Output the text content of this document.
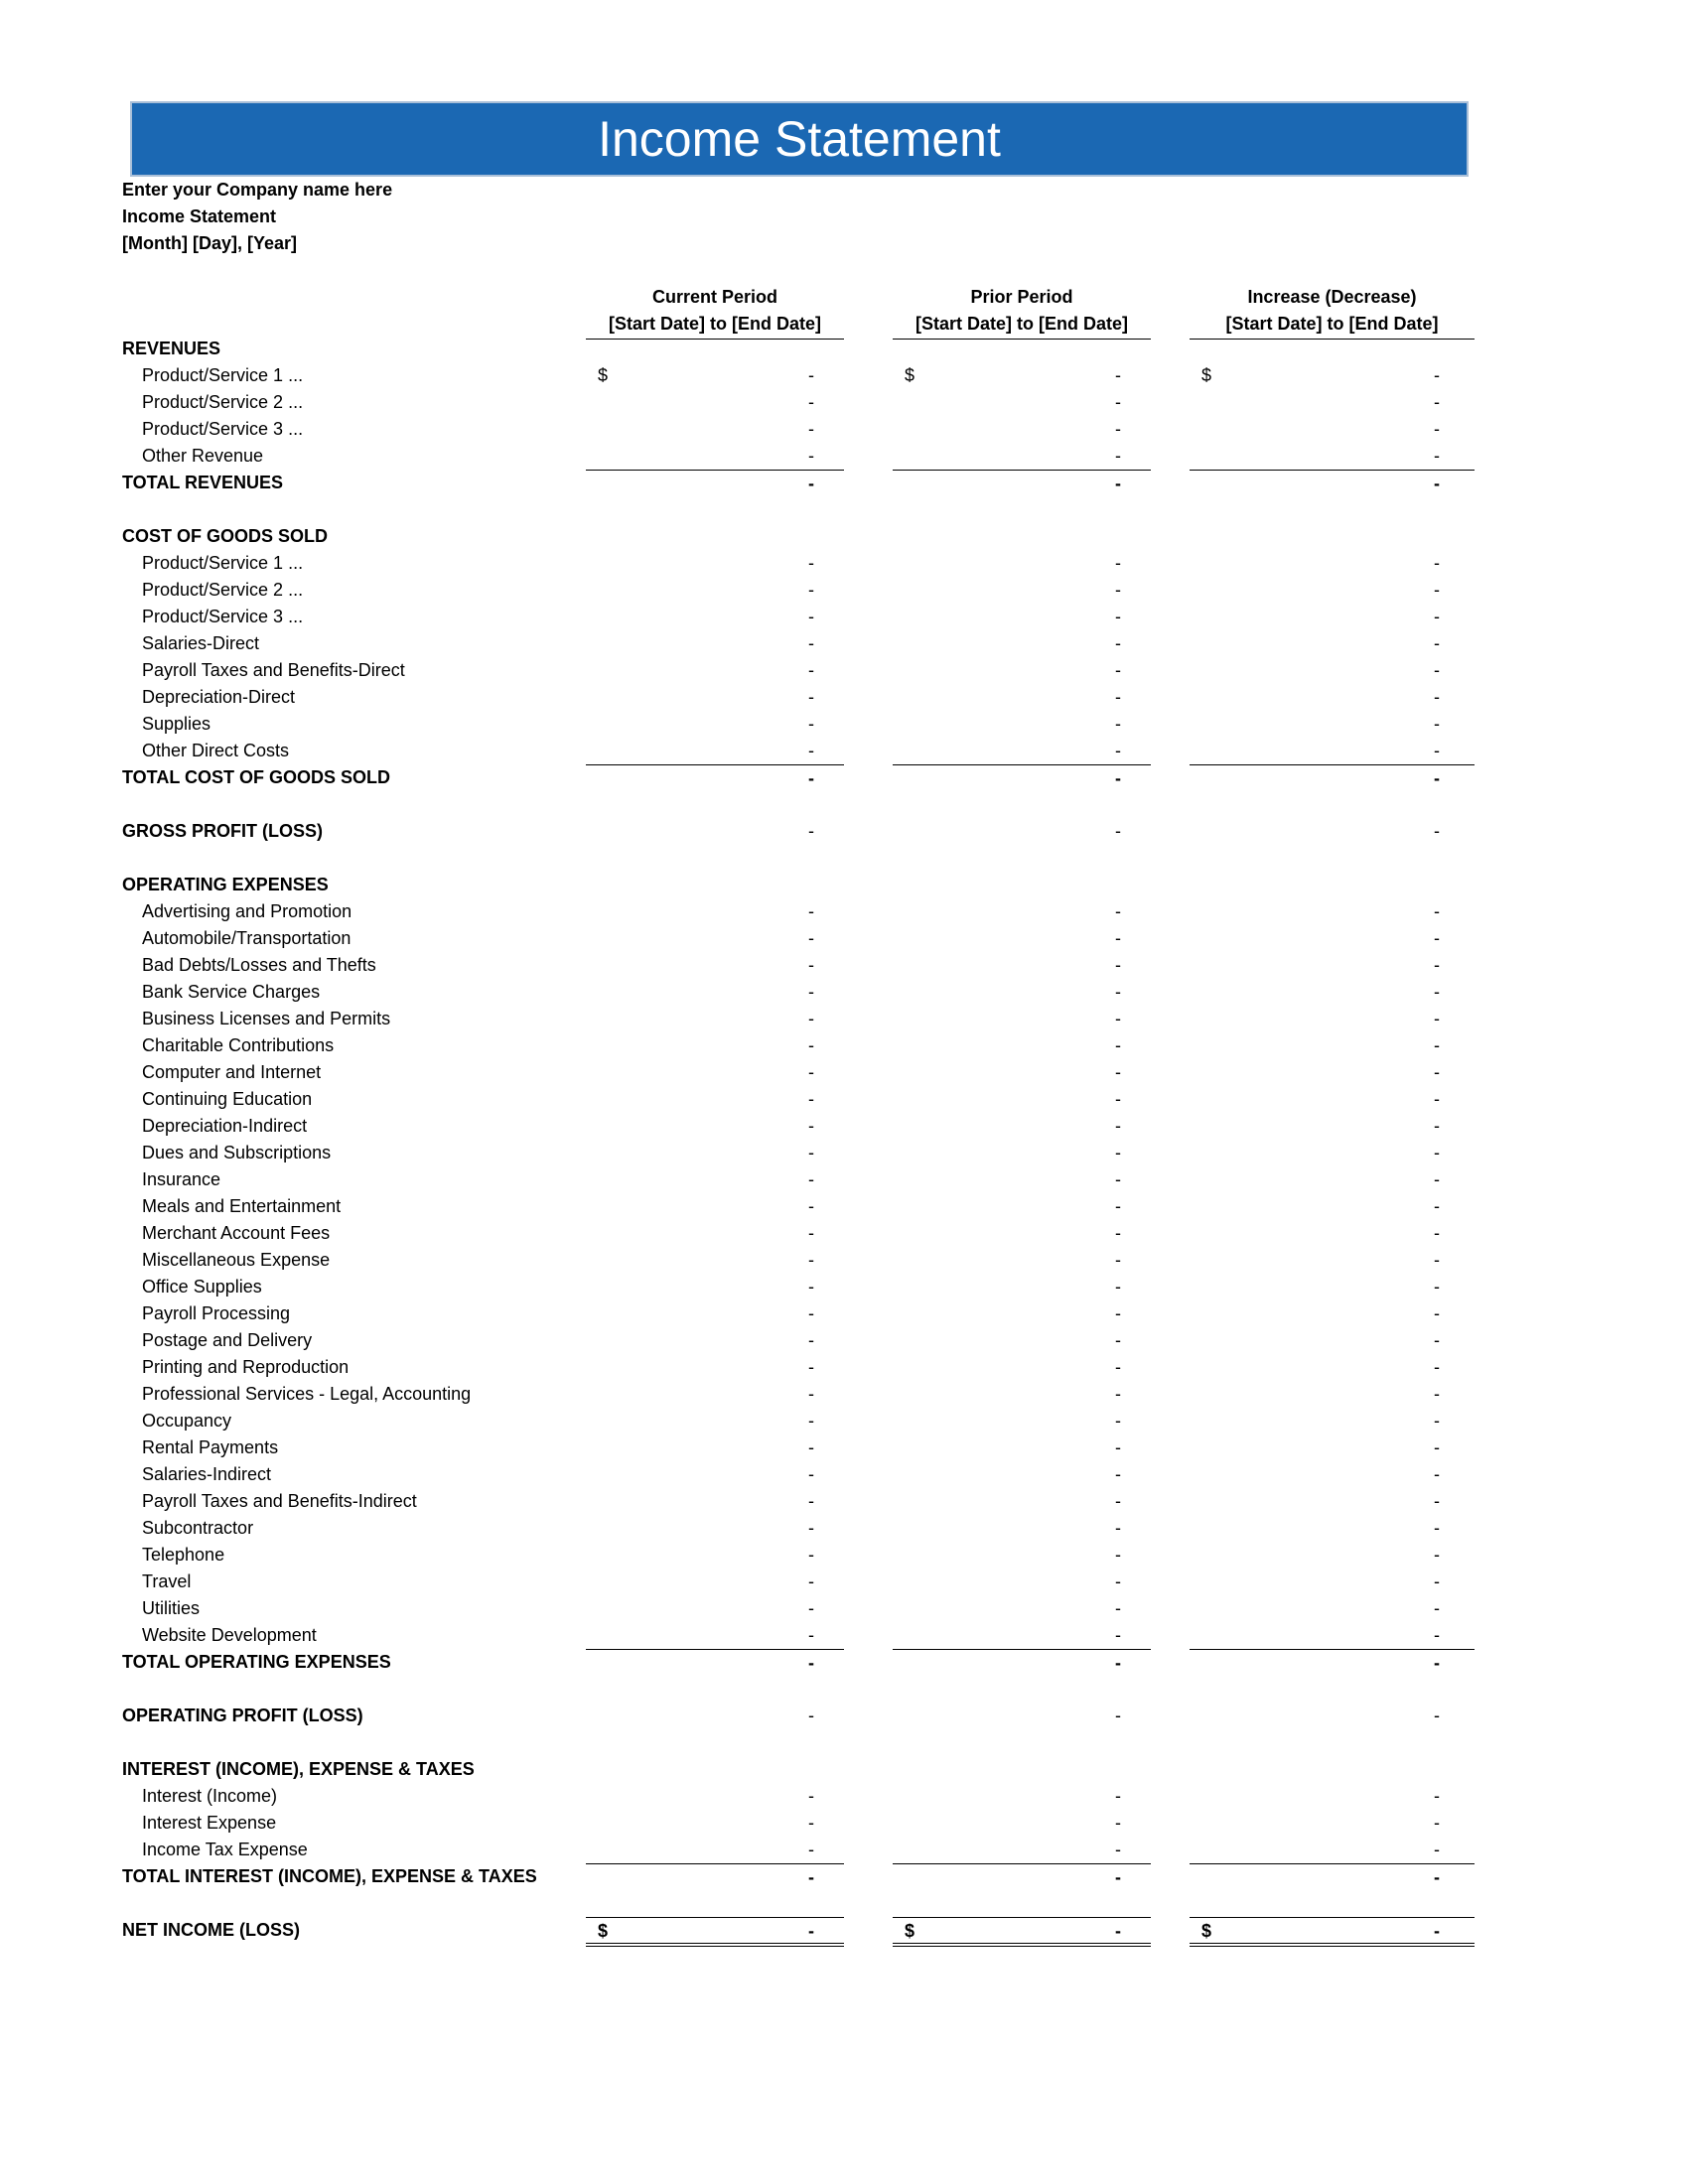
Income Statement
Enter your Company name here
Income Statement
[Month] [Day], [Year]
Current Period
[Start Date] to [End Date]
Prior Period
[Start Date] to [End Date]
Increase (Decrease)
[Start Date] to [End Date]
REVENUES
Product/Service 1 ...	$	-	$	-	$	-
Product/Service 2 ...	-	-	-
Product/Service 3 ...	-	-	-
Other Revenue	-	-	-
TOTAL REVENUES	-	-	-
COST OF GOODS SOLD
Product/Service 1 ...	-	-	-
Product/Service 2 ...	-	-	-
Product/Service 3 ...	-	-	-
Salaries-Direct	-	-	-
Payroll Taxes and Benefits-Direct	-	-	-
Depreciation-Direct	-	-	-
Supplies	-	-	-
Other Direct Costs	-	-	-
TOTAL COST OF GOODS SOLD	-	-	-
GROSS PROFIT (LOSS)	-	-	-
OPERATING EXPENSES
Advertising and Promotion	-	-	-
Automobile/Transportation	-	-	-
Bad Debts/Losses and Thefts	-	-	-
Bank Service Charges	-	-	-
Business Licenses and Permits	-	-	-
Charitable Contributions	-	-	-
Computer and Internet	-	-	-
Continuing Education	-	-	-
Depreciation-Indirect	-	-	-
Dues and Subscriptions	-	-	-
Insurance	-	-	-
Meals and Entertainment	-	-	-
Merchant Account Fees	-	-	-
Miscellaneous Expense	-	-	-
Office Supplies	-	-	-
Payroll Processing	-	-	-
Postage and Delivery	-	-	-
Printing and Reproduction	-	-	-
Professional Services - Legal, Accounting	-	-	-
Occupancy	-	-	-
Rental Payments	-	-	-
Salaries-Indirect	-	-	-
Payroll Taxes and Benefits-Indirect	-	-	-
Subcontractor	-	-	-
Telephone	-	-	-
Travel	-	-	-
Utilities	-	-	-
Website Development	-	-	-
TOTAL OPERATING EXPENSES	-	-	-
OPERATING PROFIT (LOSS)	-	-	-
INTEREST (INCOME), EXPENSE & TAXES
Interest (Income)	-	-	-
Interest Expense	-	-	-
Income Tax Expense	-	-	-
TOTAL INTEREST (INCOME), EXPENSE & TAXES	-	-	-
NET INCOME (LOSS)	$	-	$	-	$	-
